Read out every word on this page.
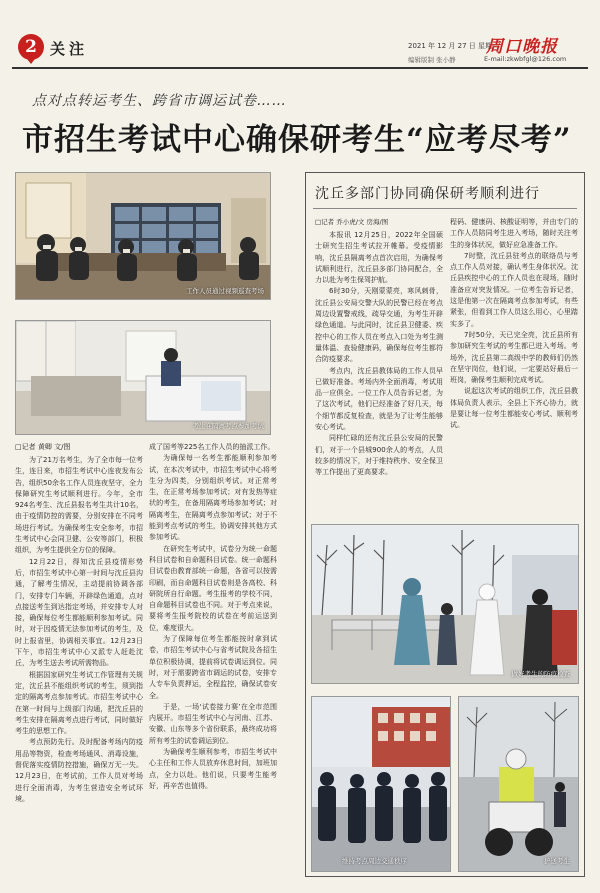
2 关注	2021 年 12 月 27 日 星期一
编辑版制 张小静
周口晚报
E-mail:zkwbfgl@126.com
点对点转运考生、跨省市调运试卷……
市招生考试中心确保研考生“应考尽考”
工作人员通过视频巡查考场
考生在隔离考点参加考试
□记者 黄卿 文/图

为了21万名考生，为了全市每一位考生，连日来，市招生考试中心连夜发布公告，组织50余名工作人员连夜坚守，全力保障研究生考试顺利进行。今年，全市924名考生、沈丘县报名考生共计10名，由于疫情防控的需要，分别安排在不同考场进行考试。为确保考生安全参考，市招生考试中心会同卫健、公安等部门，积极组织，为考生提供全方位的保障。

12月22日，得知沈丘县疫情形势后，市招生考试中心第一时间与沈丘县沟通，了解考生情况，主动提前协调各部门，安排专门车辆，开辟绿色通道，点对点接送考生到达指定考场，并安排专人对接，确保每位考生都能顺利参加考试。同时，对于因疫情无法参加考试的考生，及时上报省里，协调相关事宜。12月23日下午，市招生考试中心又派专人赶赴沈丘，为考生送去考试所需物品。

根据国家研究生考试工作管理有关规定，沈丘县不能组织考试的考生，须到指定的隔离考点参加考试。市招生考试中心在第一时间与上级部门沟通，把沈丘县的考生安排在隔离考点进行考试，同时做好考生的思想工作。

考点预防先行。及时配备考场内防疫用品等物资，检查考场通风、消毒设施，督促落实疫情防控措施，确保万无一失。12月23日，在考试前，工作人员对考场进行全面消毒，为考生营造安全考试环境。

成了国考等225名工作人员的抽派工作。

为确保每一名考生都能顺利参加考试，在本次考试中，市招生考试中心将考生分为四类，分别组织考试。对正常考生，在正常考场参加考试；对有发热等症状的考生，在备用隔离考场参加考试；对隔离考生，在隔离考点参加考试；对于不能到考点考试的考生，协调安排其他方式参加考试。

在研究生考试中，试卷分为统一命题科目试卷和自命题科目试卷。统一命题科目试卷由教育部统一命题，各省可以按需印刷，而自命题科目试卷则是各高校、科研院所自行命题。考生报考的学校不同，自命题科目试卷也不同。对于考点来说，要将考生报考院校的试卷在考前运送到位，难度很大。

为了保障每位考生都能按时拿到试卷，市招生考试中心与省考试院及各招生单位积极协调，提前将试卷调运到位。同时，对于需要跨省市调运的试卷，安排专人专车负责押运，全程监控，确保试卷安全。

于是，一场‘试卷接力赛’在全市范围内展开。市招生考试中心与河南、江苏、安徽、山东等多个省份联系，最终成功将所有考生的试卷调运到位。

为确保考生顺利参考，市招生考试中心主任和工作人员放弃休息时间，加班加点，全力以赴。他们说，只要考生能考好，再辛苦也值得。

沈丘多部门协同确保研考顺利进行
□记者 乔小虎/文 房海/图

本报讯 12月25日，2022年全国硕士研究生招生考试拉开帷幕。受疫情影响，沈丘县隔离考点首次启用，为确保考试顺利进行，沈丘县多部门协同配合，全力以赴为考生保驾护航。

6时30分，天刚蒙蒙亮，寒风刺骨，沈丘县公安局交警大队的民警已经在考点周边设置警戒线，疏导交通，为考生开辟绿色通道。与此同时，沈丘县卫健委、疾控中心的工作人员在考点入口处为考生测量体温、查验健康码，确保每位考生都符合防疫要求。

考点内，沈丘县教体局的工作人员早已做好准备。考场内外全面消毒，考试用品一应俱全。一位工作人员告诉记者，为了这次考试，他们已经准备了好几天，每个细节都反复检查，就是为了让考生能够安心考试。

同样忙碌的还有沈丘县公安局的民警们，对于一个县城900余人的考点，人员较多的情况下，对于维持秩序、安全保卫等工作提出了更高要求。

程码、健康码、核酸证明等，并由专门的工作人员陪同考生进入考场，随时关注考生的身体状况，做好应急准备工作。

7时整，沈丘县驻考点的联络员与考点工作人员对接，确认考生身体状况。沈丘县疾控中心的工作人员也在现场，随时准备应对突发情况。一位考生告诉记者，这是他第一次在隔离考点参加考试，有些紧张，但看到工作人员这么用心，心里踏实多了。

7时50分，天已完全亮，沈丘县所有参加研究生考试的考生都已进入考场。考场外，沈丘县第二高级中学的教师们仍然在坚守岗位，他们说，一定要站好最后一班岗，确保考生顺利完成考试。

说起这次考试的组织工作，沈丘县教体局负责人表示，全县上下齐心协力，就是要让每一位考生都能安心考试、顺利考试。

做好考生的防疫检查
维持考点周边交通秩序	护送考生
